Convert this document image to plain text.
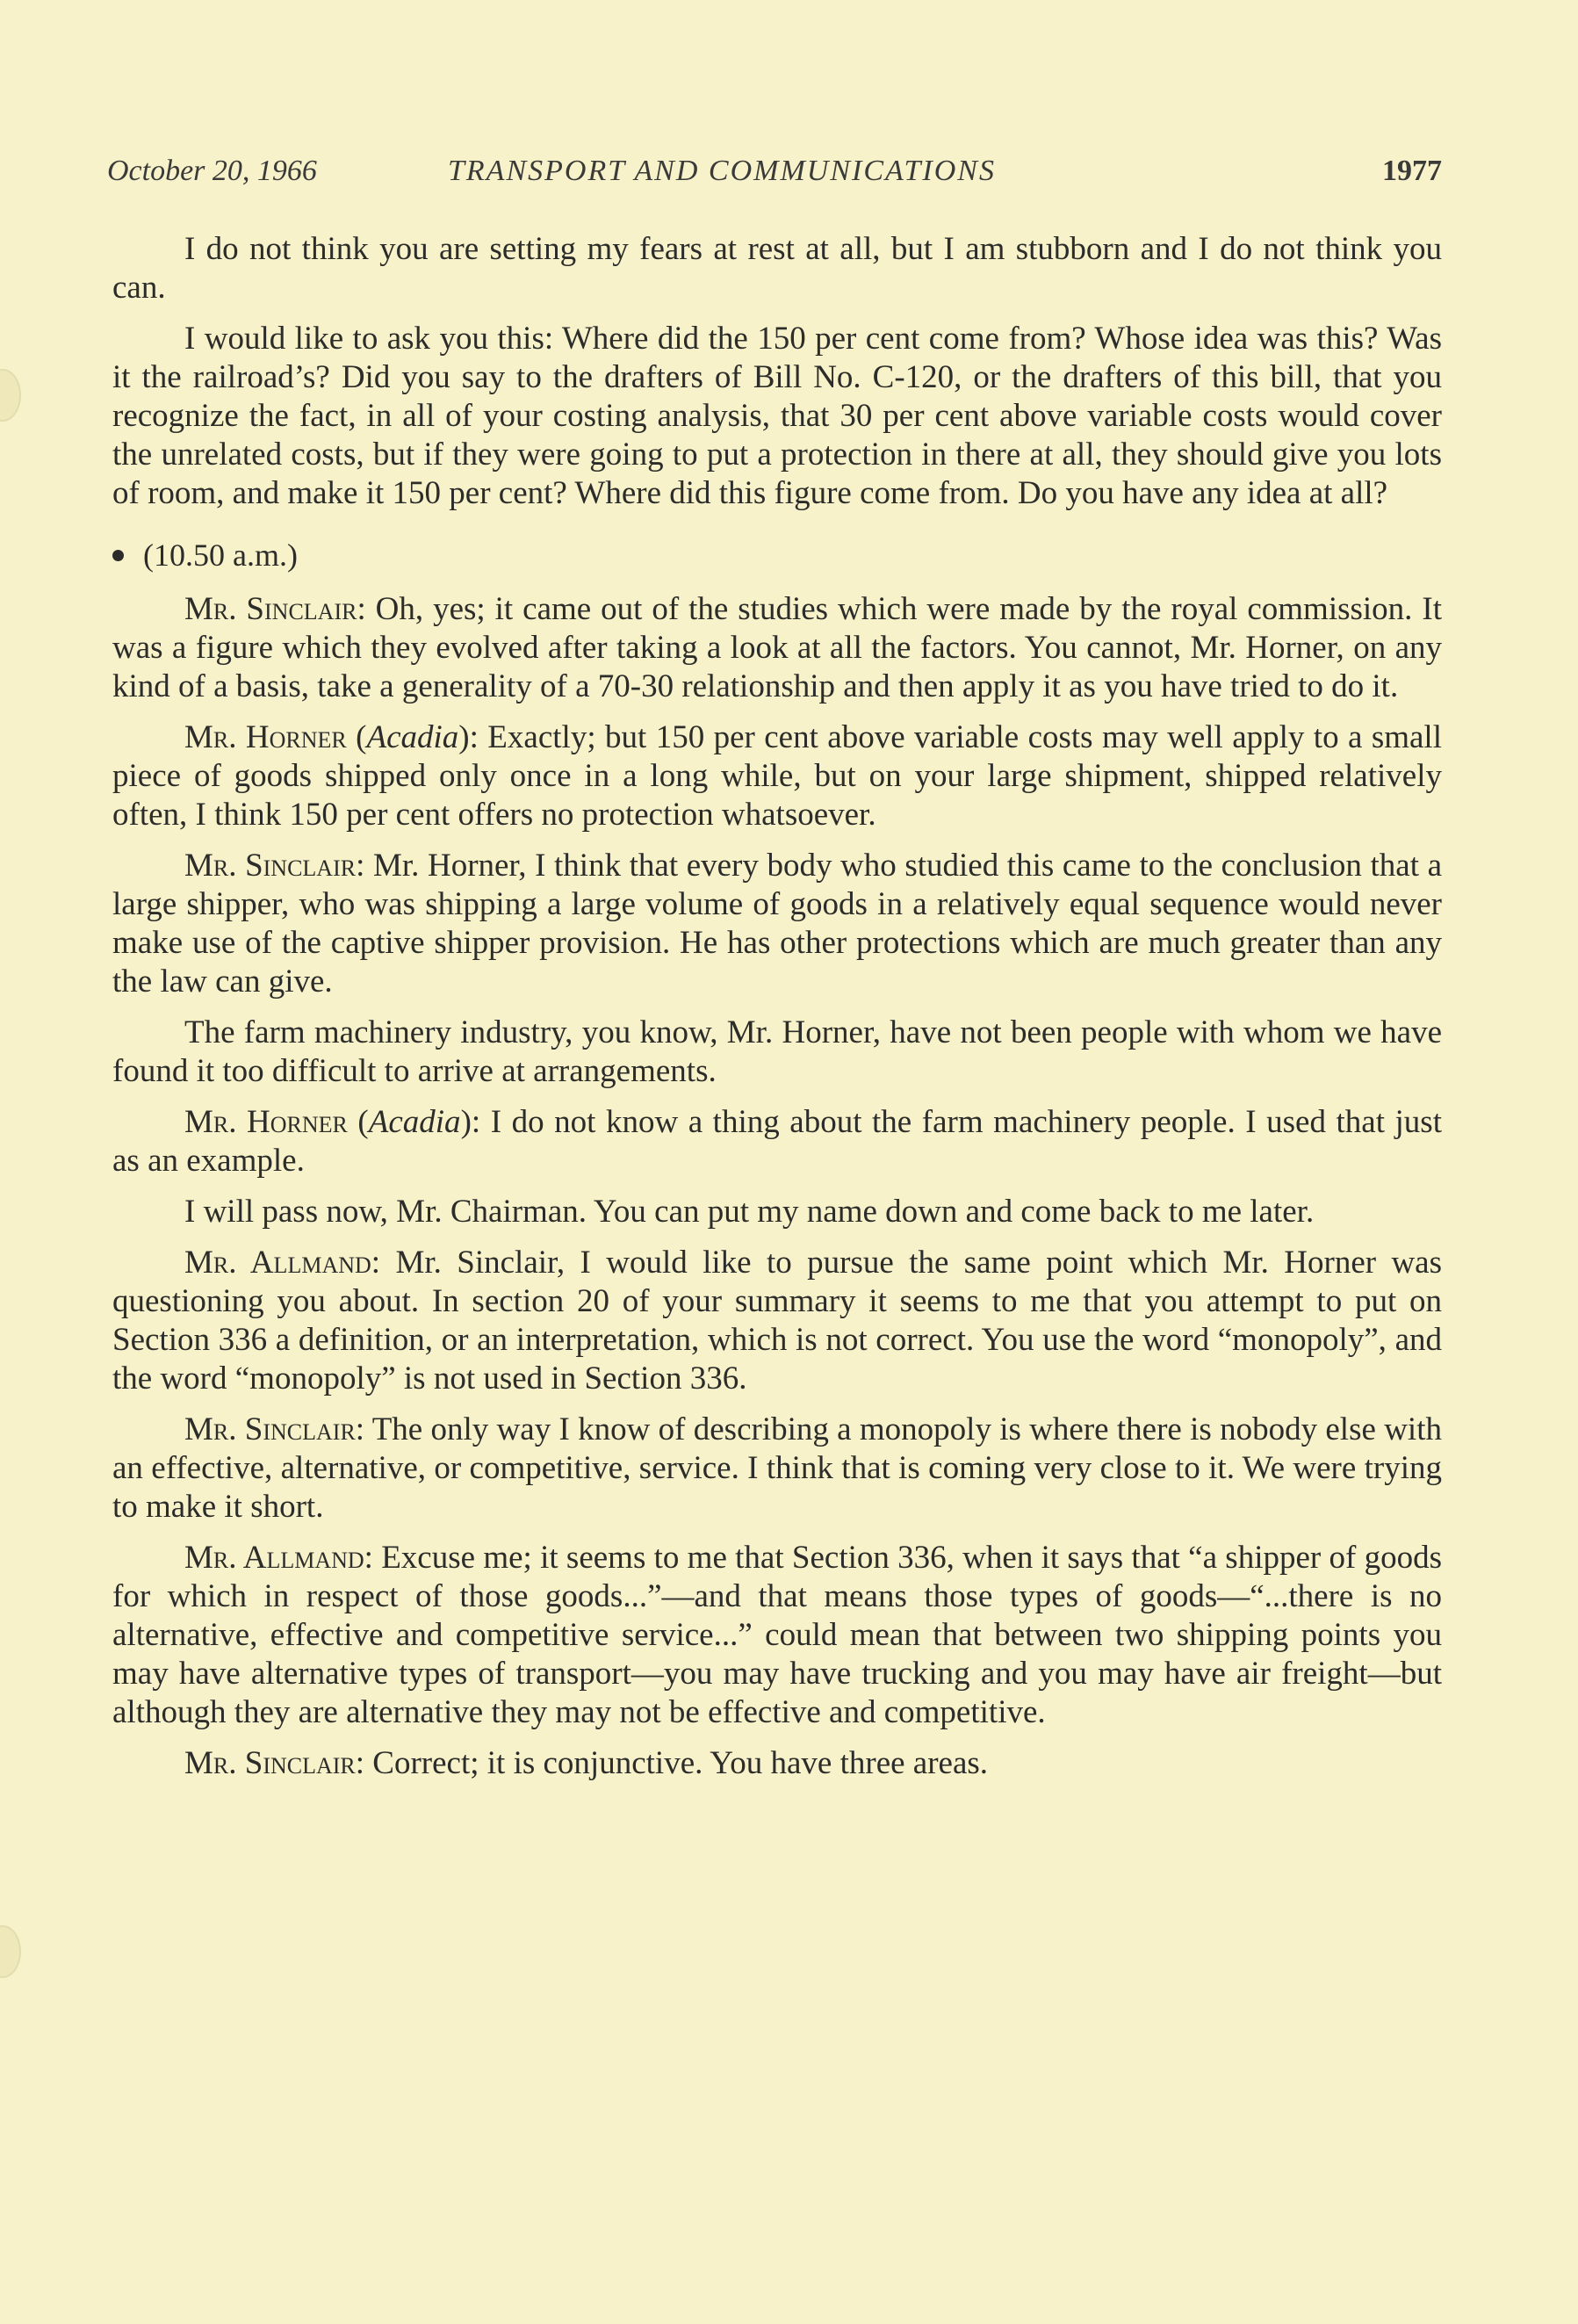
October 20, 1966	TRANSPORT AND COMMUNICATIONS	1977

I do not think you are setting my fears at rest at all, but I am stubborn and I do not think you can.

I would like to ask you this: Where did the 150 per cent come from? Whose idea was this? Was it the railroad’s? Did you say to the drafters of Bill No. C-120, or the drafters of this bill, that you recognize the fact, in all of your costing analysis, that 30 per cent above variable costs would cover the unrelated costs, but if they were going to put a protection in there at all, they should give you lots of room, and make it 150 per cent? Where did this figure come from. Do you have any idea at all?

(10.50 a.m.)

Mr. Sinclair: Oh, yes; it came out of the studies which were made by the royal commission. It was a figure which they evolved after taking a look at all the factors. You cannot, Mr. Horner, on any kind of a basis, take a generality of a 70-30 relationship and then apply it as you have tried to do it.

Mr. Horner (Acadia): Exactly; but 150 per cent above variable costs may well apply to a small piece of goods shipped only once in a long while, but on your large shipment, shipped relatively often, I think 150 per cent offers no protection whatsoever.

Mr. Sinclair: Mr. Horner, I think that every body who studied this came to the conclusion that a large shipper, who was shipping a large volume of goods in a relatively equal sequence would never make use of the captive shipper provision. He has other protections which are much greater than any the law can give.

The farm machinery industry, you know, Mr. Horner, have not been people with whom we have found it too difficult to arrive at arrangements.

Mr. Horner (Acadia): I do not know a thing about the farm machinery people. I used that just as an example.

I will pass now, Mr. Chairman. You can put my name down and come back to me later.

Mr. Allmand: Mr. Sinclair, I would like to pursue the same point which Mr. Horner was questioning you about. In section 20 of your summary it seems to me that you attempt to put on Section 336 a definition, or an interpretation, which is not correct. You use the word “monopoly”, and the word “monopoly” is not used in Section 336.

Mr. Sinclair: The only way I know of describing a monopoly is where there is nobody else with an effective, alternative, or competitive, service. I think that is coming very close to it. We were trying to make it short.

Mr. Allmand: Excuse me; it seems to me that Section 336, when it says that “a shipper of goods for which in respect of those goods...”—and that means those types of goods—“...there is no alternative, effective and competitive service...” could mean that between two shipping points you may have alternative types of transport—you may have trucking and you may have air freight—but although they are alternative they may not be effective and competitive.

Mr. Sinclair: Correct; it is conjunctive. You have three areas.
